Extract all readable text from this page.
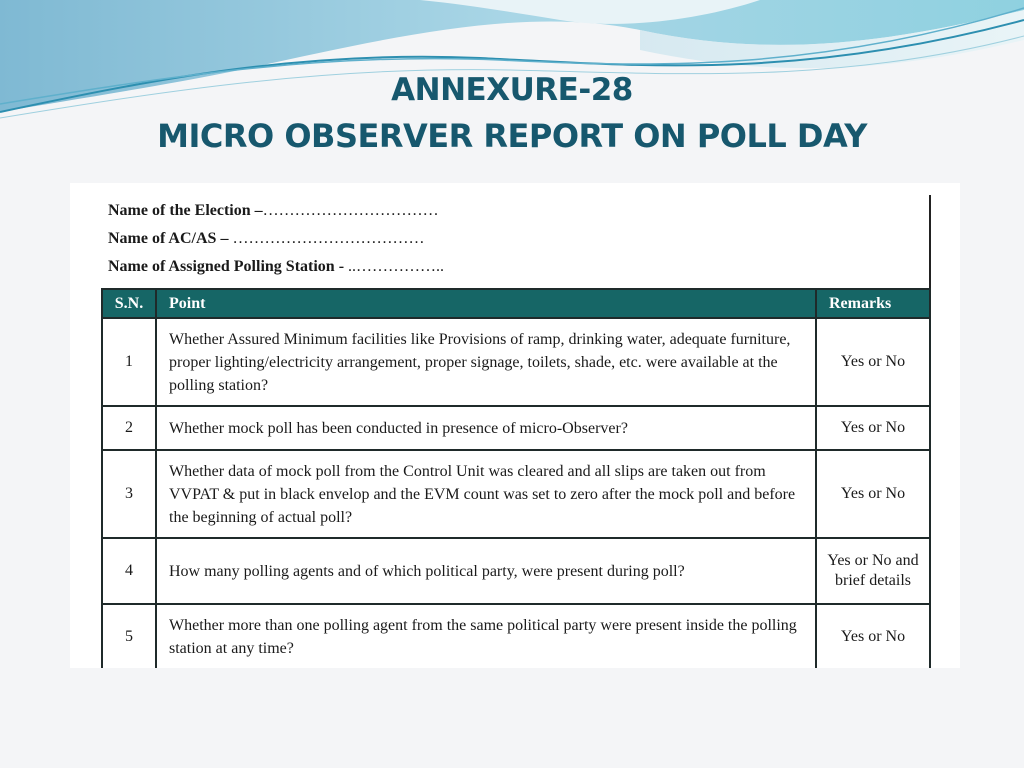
ANNEXURE-28
MICRO OBSERVER REPORT ON POLL DAY
Name of the Election –……………………………
Name of AC/AS – ………………………………
Name of Assigned Polling Station - ..……………..
S.N.	Point	Remarks
1	Whether Assured Minimum facilities like Provisions of ramp, drinking water, adequate furniture, proper lighting/electricity arrangement, proper signage, toilets, shade, etc. were available at the polling station?	Yes or No
2	Whether mock poll has been conducted in presence of micro-Observer?	Yes or No
3	Whether data of mock poll from the Control Unit was cleared and all slips are taken out from VVPAT & put in black envelop and the EVM count was set to zero after the mock poll and before the beginning of actual poll?	Yes or No
4	How many polling agents and of which political party, were present during poll?	Yes or No and brief details
5	Whether more than one polling agent from the same political party were present inside the polling station at any time?	Yes or No
